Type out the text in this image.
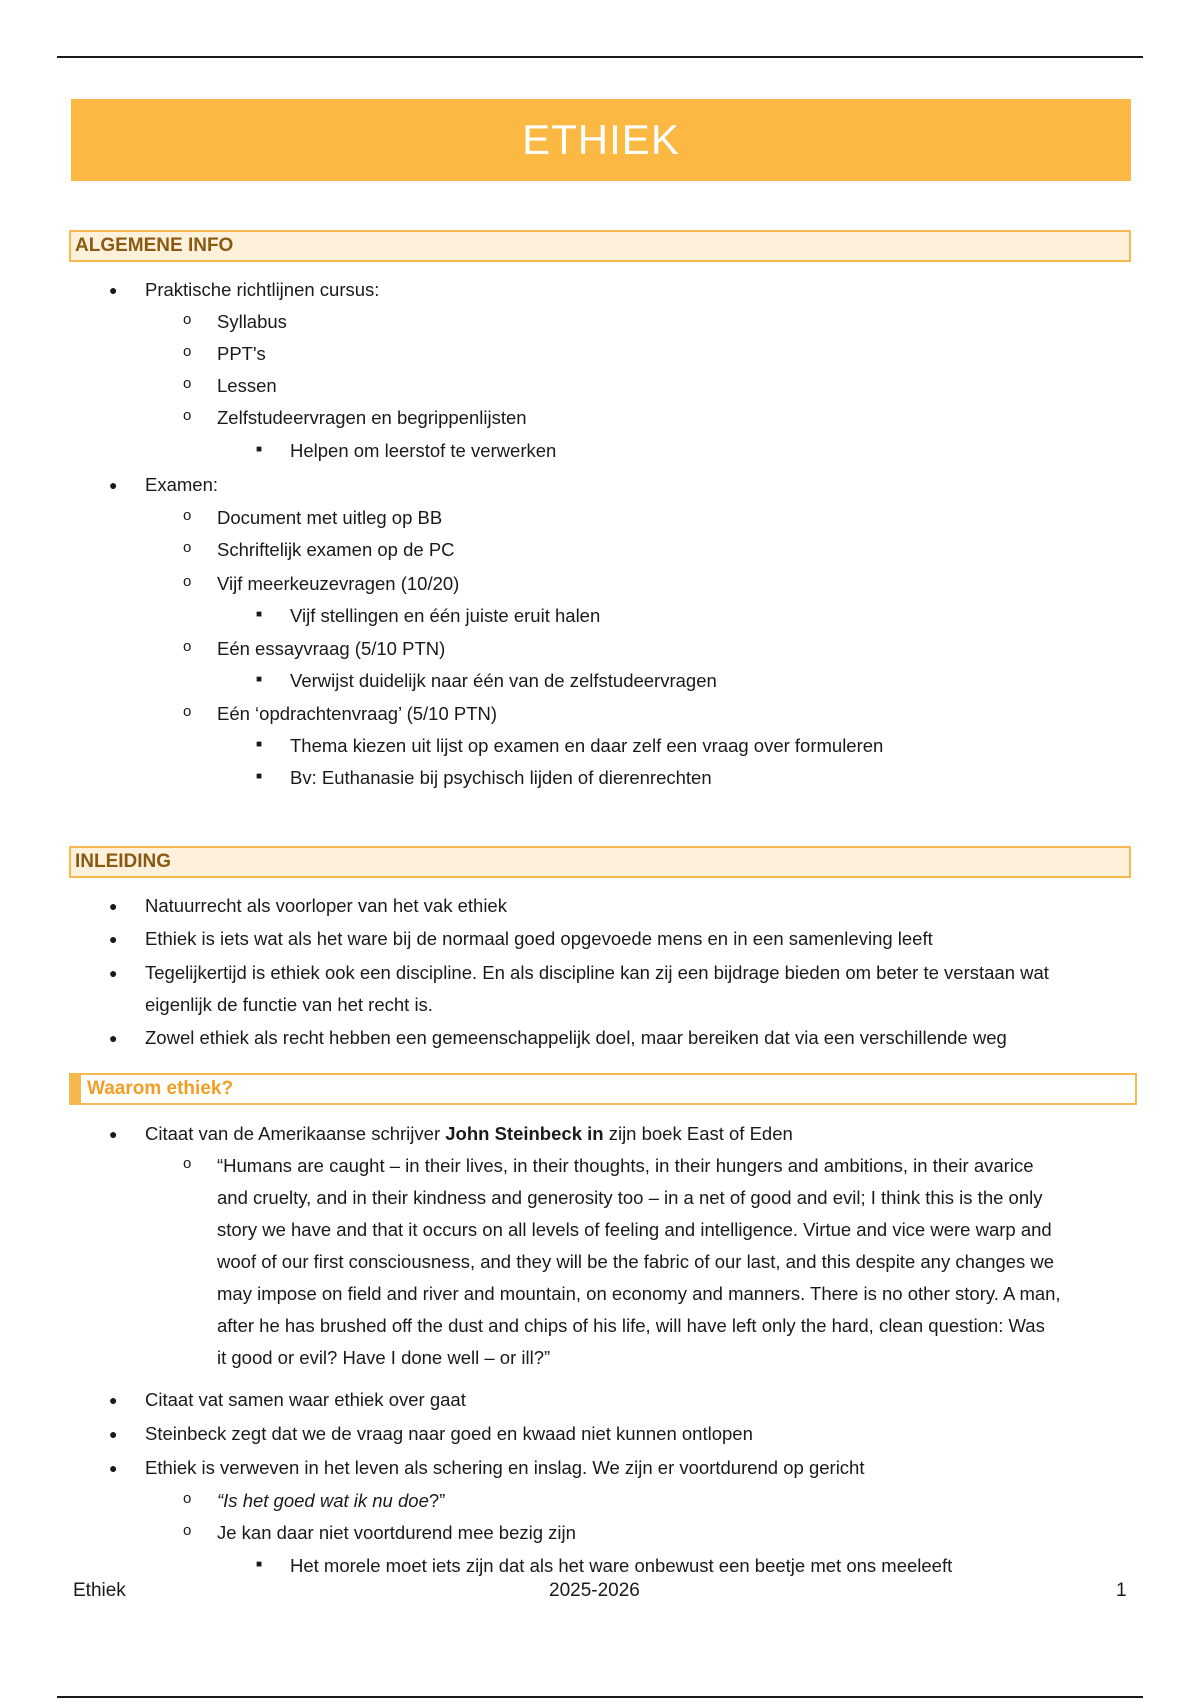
ETHIEK
ALGEMENE INFO
● Praktische richtlijnen cursus:
o Syllabus
o PPT's
o Lessen
o Zelfstudeervragen en begrippenlijsten
■ Helpen om leerstof te verwerken
● Examen:
o Document met uitleg op BB
o Schriftelijk examen op de PC
o Vijf meerkeuzevragen (10/20)
■ Vijf stellingen en één juiste eruit halen
o Eén essayvraag (5/10 PTN)
■ Verwijst duidelijk naar één van de zelfstudeervragen
o Eén ‘opdrachtenvraag’ (5/10 PTN)
■ Thema kiezen uit lijst op examen en daar zelf een vraag over formuleren
■ Bv: Euthanasie bij psychisch lijden of dierenrechten
INLEIDING
● Natuurrecht als voorloper van het vak ethiek
● Ethiek is iets wat als het ware bij de normaal goed opgevoede mens en in een samenleving leeft
● Tegelijkertijd is ethiek ook een discipline. En als discipline kan zij een bijdrage bieden om beter te verstaan wat
eigenlijk de functie van het recht is.
● Zowel ethiek als recht hebben een gemeenschappelijk doel, maar bereiken dat via een verschillende weg
Waarom ethiek?
● Citaat van de Amerikaanse schrijver John Steinbeck in zijn boek East of Eden
o “Humans are caught – in their lives, in their thoughts, in their hungers and ambitions, in their avarice
and cruelty, and in their kindness and generosity too – in a net of good and evil; I think this is the only
story we have and that it occurs on all levels of feeling and intelligence. Virtue and vice were warp and
woof of our first consciousness, and they will be the fabric of our last, and this despite any changes we
may impose on field and river and mountain, on economy and manners. There is no other story. A man,
after he has brushed off the dust and chips of his life, will have left only the hard, clean question: Was
it good or evil? Have I done well – or ill?”
● Citaat vat samen waar ethiek over gaat
● Steinbeck zegt dat we de vraag naar goed en kwaad niet kunnen ontlopen
● Ethiek is verweven in het leven als schering en inslag. We zijn er voortdurend op gericht
o “Is het goed wat ik nu doe?”
o Je kan daar niet voortdurend mee bezig zijn
■ Het morele moet iets zijn dat als het ware onbewust een beetje met ons meeleeft
Ethiek	2025-2026	1
